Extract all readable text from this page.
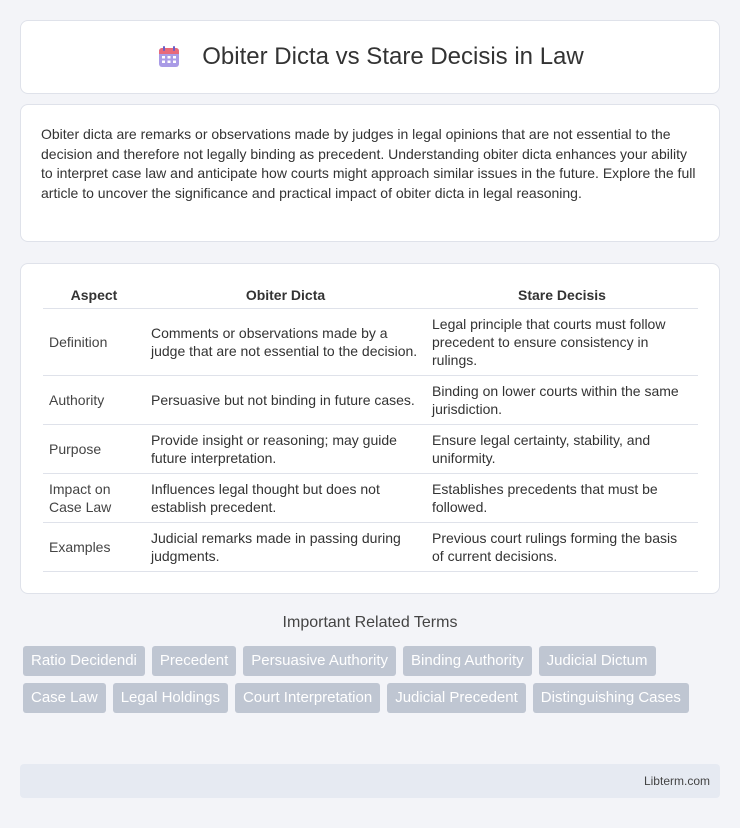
Obiter Dicta vs Stare Decisis in Law

Obiter dicta are remarks or observations made by judges in legal opinions that are not essential to the decision and therefore not legally binding as precedent. Understanding obiter dicta enhances your ability to interpret case law and anticipate how courts might approach similar issues in the future. Explore the full article to uncover the significance and practical impact of obiter dicta in legal reasoning.

Aspect	Obiter Dicta	Stare Decisis
Definition	Comments or observations made by a judge that are not essential to the decision.	Legal principle that courts must follow precedent to ensure consistency in rulings.
Authority	Persuasive but not binding in future cases.	Binding on lower courts within the same jurisdiction.
Purpose	Provide insight or reasoning; may guide future interpretation.	Ensure legal certainty, stability, and uniformity.
Impact on Case Law	Influences legal thought but does not establish precedent.	Establishes precedents that must be followed.
Examples	Judicial remarks made in passing during judgments.	Previous court rulings forming the basis of current decisions.
Important Related Terms
Ratio Decidendi	Precedent	Persuasive Authority	Binding Authority	Judicial Dictum
Case Law	Legal Holdings	Court Interpretation	Judicial Precedent	Distinguishing Cases
Libterm.com
